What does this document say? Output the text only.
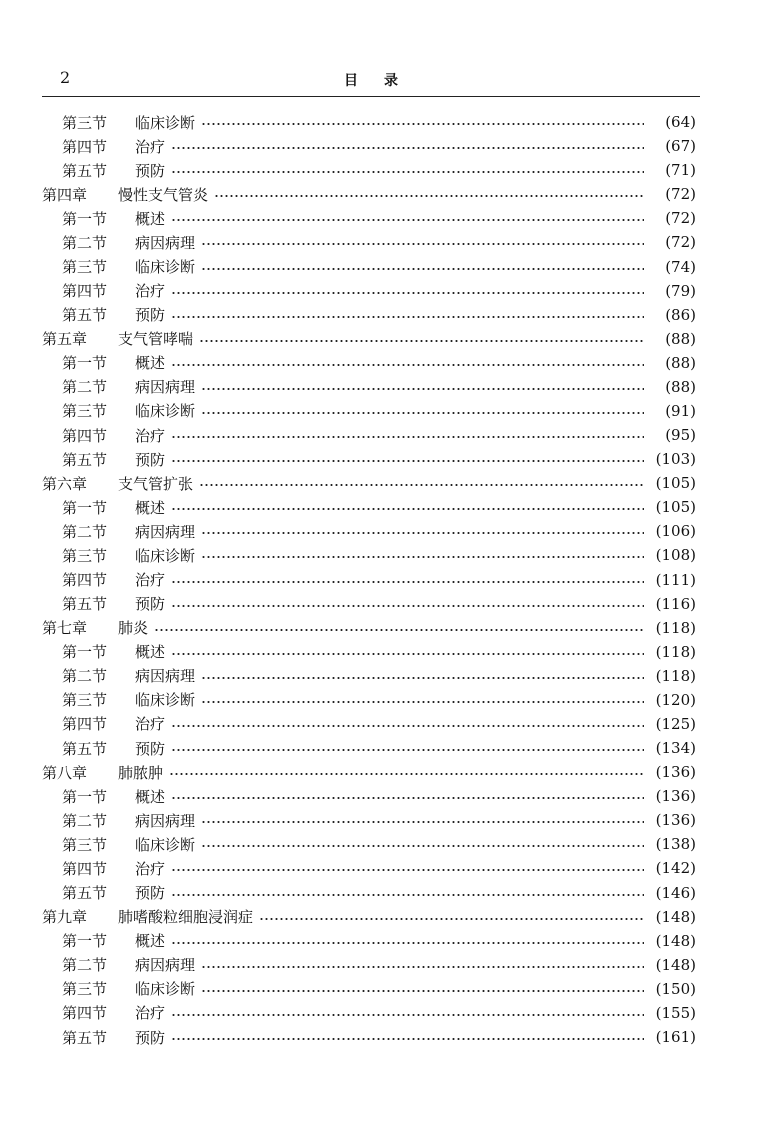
2	目录
第三节	临床诊断	(64)
第四节	治疗	(67)
第五节	预防	(71)
第四章	慢性支气管炎	(72)
第一节	概述	(72)
第二节	病因病理	(72)
第三节	临床诊断	(74)
第四节	治疗	(79)
第五节	预防	(86)
第五章	支气管哮喘	(88)
第一节	概述	(88)
第二节	病因病理	(88)
第三节	临床诊断	(91)
第四节	治疗	(95)
第五节	预防	(103)
第六章	支气管扩张	(105)
第一节	概述	(105)
第二节	病因病理	(106)
第三节	临床诊断	(108)
第四节	治疗	(111)
第五节	预防	(116)
第七章	肺炎	(118)
第一节	概述	(118)
第二节	病因病理	(118)
第三节	临床诊断	(120)
第四节	治疗	(125)
第五节	预防	(134)
第八章	肺脓肿	(136)
第一节	概述	(136)
第二节	病因病理	(136)
第三节	临床诊断	(138)
第四节	治疗	(142)
第五节	预防	(146)
第九章	肺嗜酸粒细胞浸润症	(148)
第一节	概述	(148)
第二节	病因病理	(148)
第三节	临床诊断	(150)
第四节	治疗	(155)
第五节	预防	(161)
